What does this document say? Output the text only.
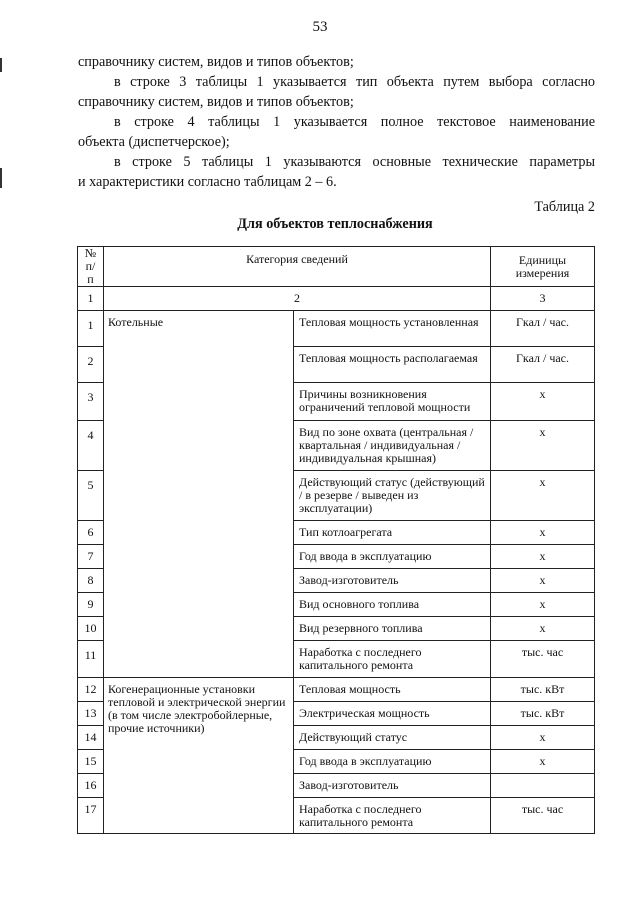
53
справочнику систем, видов и типов объектов;
в строке 3 таблицы 1 указывается тип объекта путем выбора согласно
справочнику систем, видов и типов объектов;
в строке 4 таблицы 1 указывается полное текстовое наименование
объекта (диспетчерское);
в строке 5 таблицы 1 указываются основные технические параметры
и характеристики согласно таблицам 2 – 6.
Таблица 2
Для объектов теплоснабжения
№ п/п	Категория сведений		Единицы измерения
1	2		3
1	Котельные	Тепловая мощность установленная	Гкал / час.
2		Тепловая мощность располагаемая	Гкал / час.
3		Причины возникновения ограничений тепловой мощности	x
4		Вид по зоне охвата (центральная / квартальная / индивидуальная / индивидуальная крышная)	x
5		Действующий статус (действующий / в резерве / выведен из эксплуатации)	x
6		Тип котлоагрегата	x
7		Год ввода в эксплуатацию	x
8		Завод-изготовитель	x
9		Вид основного топлива	x
10		Вид резервного топлива	x
11		Наработка с последнего капитального ремонта	тыс. час
12	Когенерационные установки тепловой и электрической энергии (в том числе электробойлерные, прочие источники)	Тепловая мощность	тыс. кВт
13		Электрическая мощность	тыс. кВт
14		Действующий статус	x
15		Год ввода в эксплуатацию	x
16		Завод-изготовитель	
17		Наработка с последнего капитального ремонта	тыс. час
